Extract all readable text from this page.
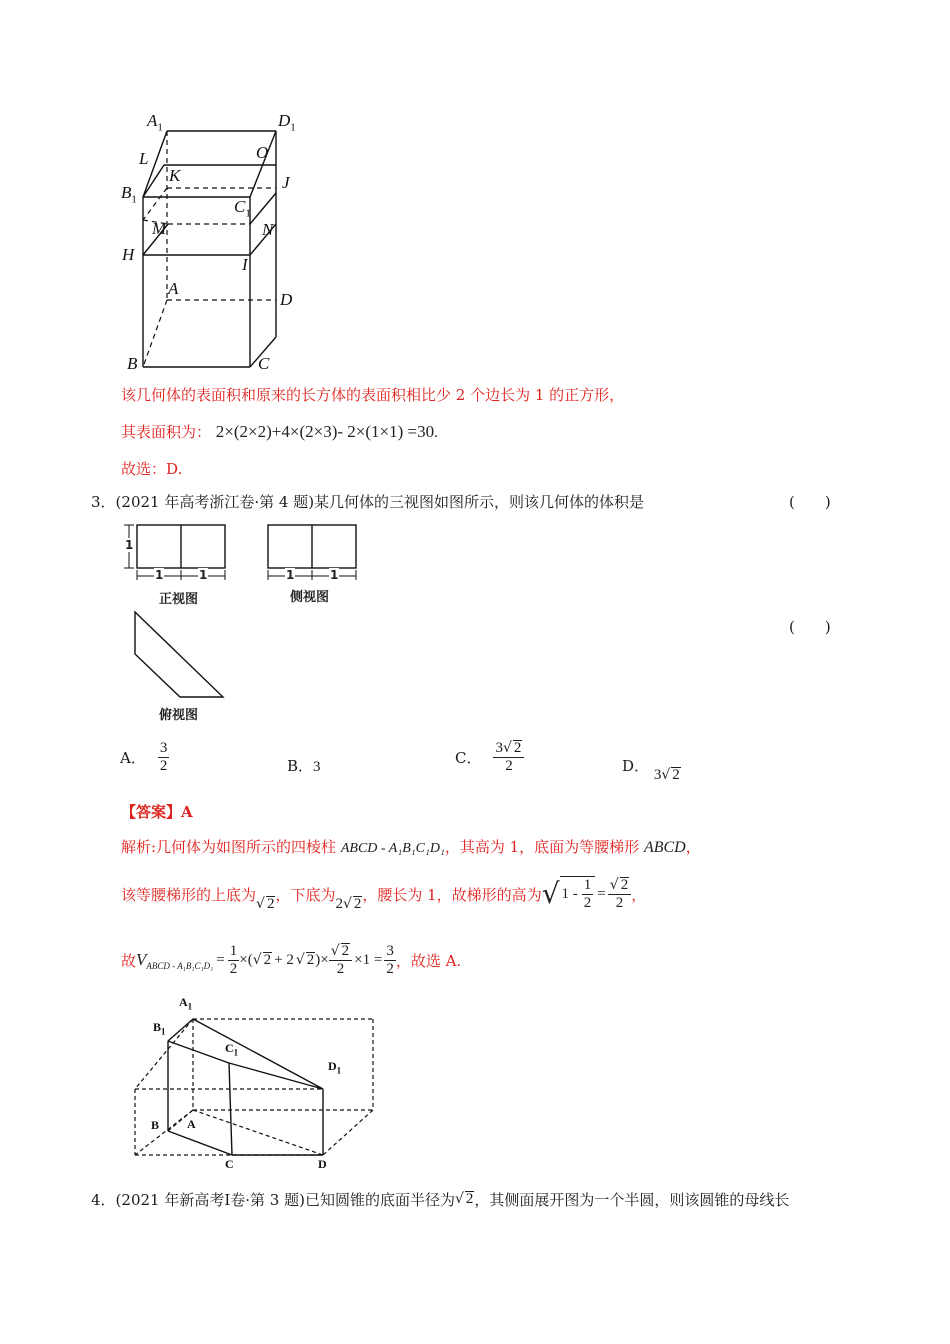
$A_1$	$D_1$
L	O
K	J
$B_1$	$C_1$
M	N
H
I
A
D
B	C
该几何体的表面积和原来的长方体的表面积相比少 2 个边长为 1 的正方形，
其表面积为： 2×(2×2)+4×(2×3)- 2×(1×1) =30.
故选：D.
3．(2021 年高考浙江卷·第 4 题)某几何体的三视图如图所示，则该几何体的体积是	(　　)
1
1	1	1	1
正视图	侧视图
俯视图
(　　)
A． $\frac{3}{2}$	B．3	C． $\frac{3√ 2}{2}$	D． 3√ 2
【答案】A
解析:几何体为如图所示的四棱柱 ABCD - A₁B₁C₁D₁，其高为 1，底面为等腰梯形 ABCD，
该等腰梯形的上底为 √ 2 ，下底为 2√ 2 ，腰长为 1，故梯形的高为 √ $1 - \frac{1}{2} = \frac{√ 2}{2}$ ，
故 V ABCD - $A_1B_1C_1D_1 = \frac{1}{2}$ ×( √ 2 + 2 √ 2 )× $\frac{√ 2}{2} \times 1 = \frac{3}{2}$ ，故选 A.
$A_1$
$B_1$
$C_1$
$D_1$
B A
C	D
4． (2021 年新高考Ⅰ卷·第 3 题) 已知圆锥的底面半径为 √ 2 ，其侧面展开图为一个半圆，则该圆锥的母线长
